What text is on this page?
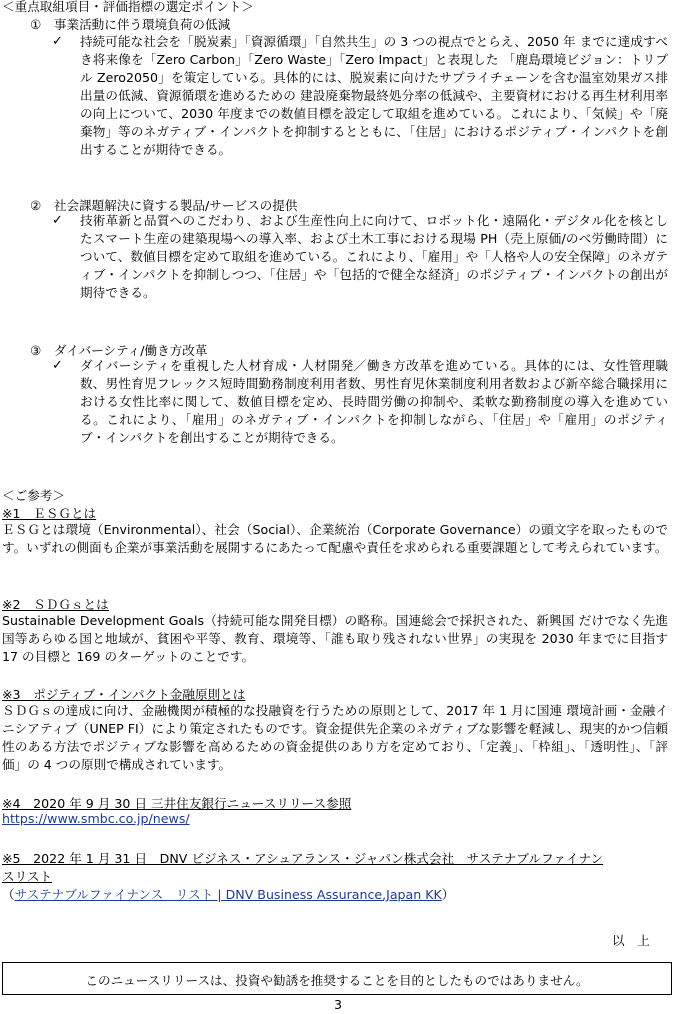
＜重点取組項目・評価指標の選定ポイント＞
①　事業活動に伴う環境負荷の低減
✓ 持続可能な社会を「脱炭素」「資源循環」「自然共生」の 3 つの視点でとらえ、2050 年 までに達成すべき将来像を「Zero Carbon」「Zero Waste」「Zero Impact」と表現した 「鹿島環境ビジョン：トリプル Zero2050」を策定している。具体的には、脱炭素に向けたサプライチェーンを含む温室効果ガス排出量の低減、資源循環を進めるための 建設廃棄物最終処分率の低減や、主要資材における再生材利用率の向上について、2030 年度までの数値目標を設定して取組を進めている。これにより、「気候」や「廃棄物」等のネガティブ・インパクトを抑制するとともに、「住居」におけるポジティブ・インパクトを創出することが期待できる。
②　社会課題解決に資する製品/サービスの提供
✓ 技術革新と品質へのこだわり、および生産性向上に向けて、ロボット化・遠隔化・デジタル化を核としたスマート生産の建築現場への導入率、および土木工事における現場 PH（売上原価/のべ労働時間）について、数値目標を定めて取組を進めている。これにより、「雇用」や「人格や人の安全保障」のネガティブ・インパクトを抑制しつつ、「住居」や「包括的で健全な経済」のポジティブ・インパクトの創出が期待できる。
③　ダイバーシティ/働き方改革
✓ ダイバーシティを重視した人材育成・人材開発／働き方改革を進めている。具体的には、女性管理職数、男性育児フレックス短時間勤務制度利用者数、男性育児休業制度利用者数および新卒総合職採用における女性比率に関して、数値目標を定め、長時間労働の抑制や、柔軟な勤務制度の導入を進めている。これにより、「雇用」のネガティブ・インパクトを抑制しながら、「住居」や「雇用」のポジティブ・インパクトを創出することが期待できる。
＜ご参考＞
※1　ＥＳＧとは
ＥＳＧとは環境（Environmental）、社会（Social）、企業統治（Corporate Governance）の頭文字を取ったものです。いずれの側面も企業が事業活動を展開するにあたって配慮や責任を求められる重要課題として考えられています。
※2　ＳＤＧｓとは
Sustainable Development Goals（持続可能な開発目標）の略称。国連総会で採択された、新興国 だけでなく先進国等あらゆる国と地域が、貧困や平等、教育、環境等、「誰も取り残されない世界」の実現を 2030 年までに目指す 17 の目標と 169 のターゲットのことです。
※3　ポジティブ・インパクト金融原則とは
ＳＤＧｓの達成に向け、金融機関が積極的な投融資を行うための原則として、2017 年 1 月に国連 環境計画・金融イニシアティブ（UNEP FI）により策定されたものです。資金提供先企業のネガティブな影響を軽減し、現実的かつ信頼性のある方法でポジティブな影響を高めるための資金提供のあり方を定めており、「定義」、「枠組」、「透明性」、「評価」の 4 つの原則で構成されています。
※4　2020 年 9 月 30 日 三井住友銀行ニュースリリース参照
https://www.smbc.co.jp/news/
※5　2022 年 1 月 31 日　DNV ビジネス・アシュアランス・ジャパン株式会社　サステナブルファイナン
スリスト
（サステナブルファイナンス　リスト | DNV Business Assurance,Japan KK）
以　上
このニュースリリースは、投資や勧誘を推奨することを目的としたものではありません。
3
